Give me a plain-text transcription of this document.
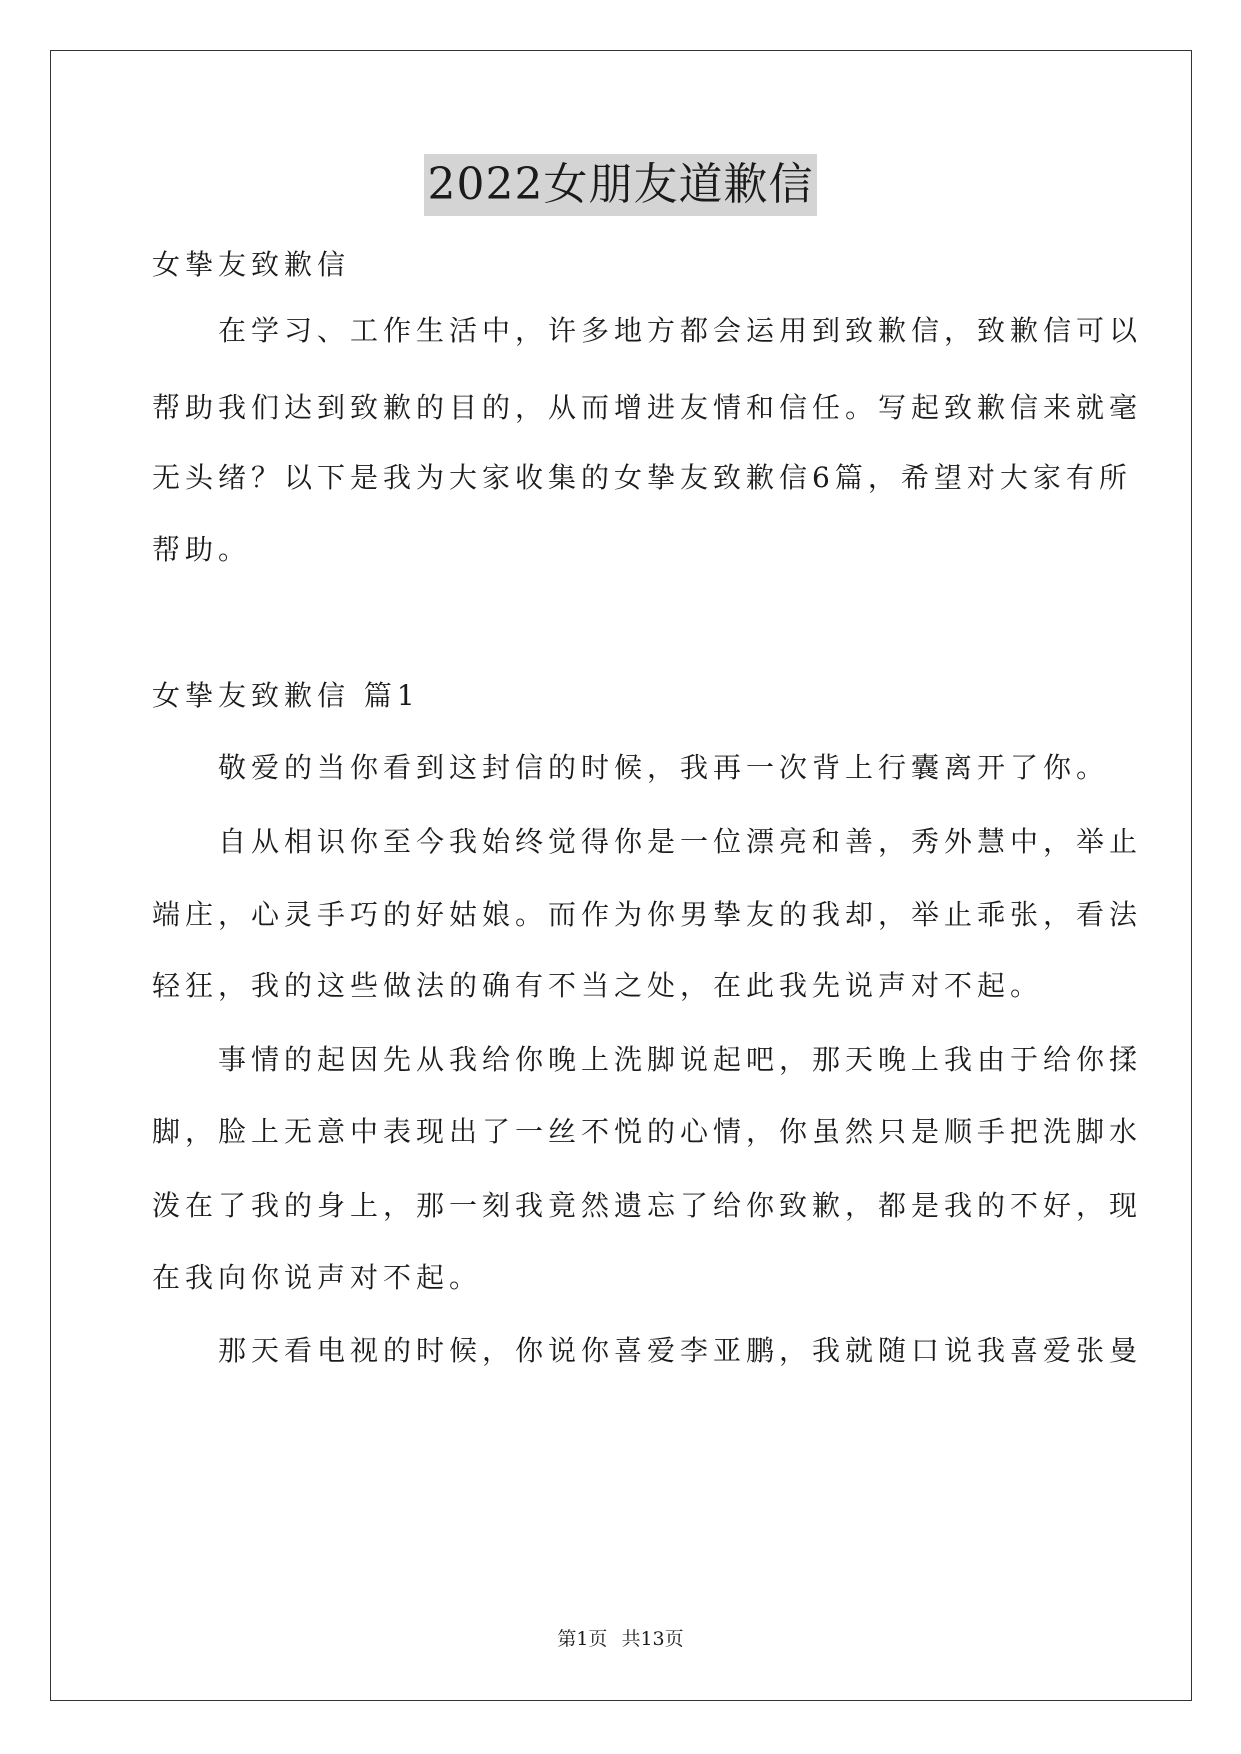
2022女朋友道歉信
女挚友致歉信
　　在学习、工作生活中，许多地方都会运用到致歉信，致歉信可以
帮助我们达到致歉的目的，从而增进友情和信任。写起致歉信来就毫
无头绪？以下是我为大家收集的女挚友致歉信6篇，希望对大家有所
帮助。
女挚友致歉信 篇1
　　敬爱的当你看到这封信的时候，我再一次背上行囊离开了你。
　　自从相识你至今我始终觉得你是一位漂亮和善，秀外慧中，举止
端庄，心灵手巧的好姑娘。而作为你男挚友的我却，举止乖张，看法
轻狂，我的这些做法的确有不当之处，在此我先说声对不起。
　　事情的起因先从我给你晚上洗脚说起吧，那天晚上我由于给你揉
脚，脸上无意中表现出了一丝不悦的心情，你虽然只是顺手把洗脚水
泼在了我的身上，那一刻我竟然遗忘了给你致歉，都是我的不好，现
在我向你说声对不起。
　　那天看电视的时候，你说你喜爱李亚鹏，我就随口说我喜爱张曼
第1页 共13页
